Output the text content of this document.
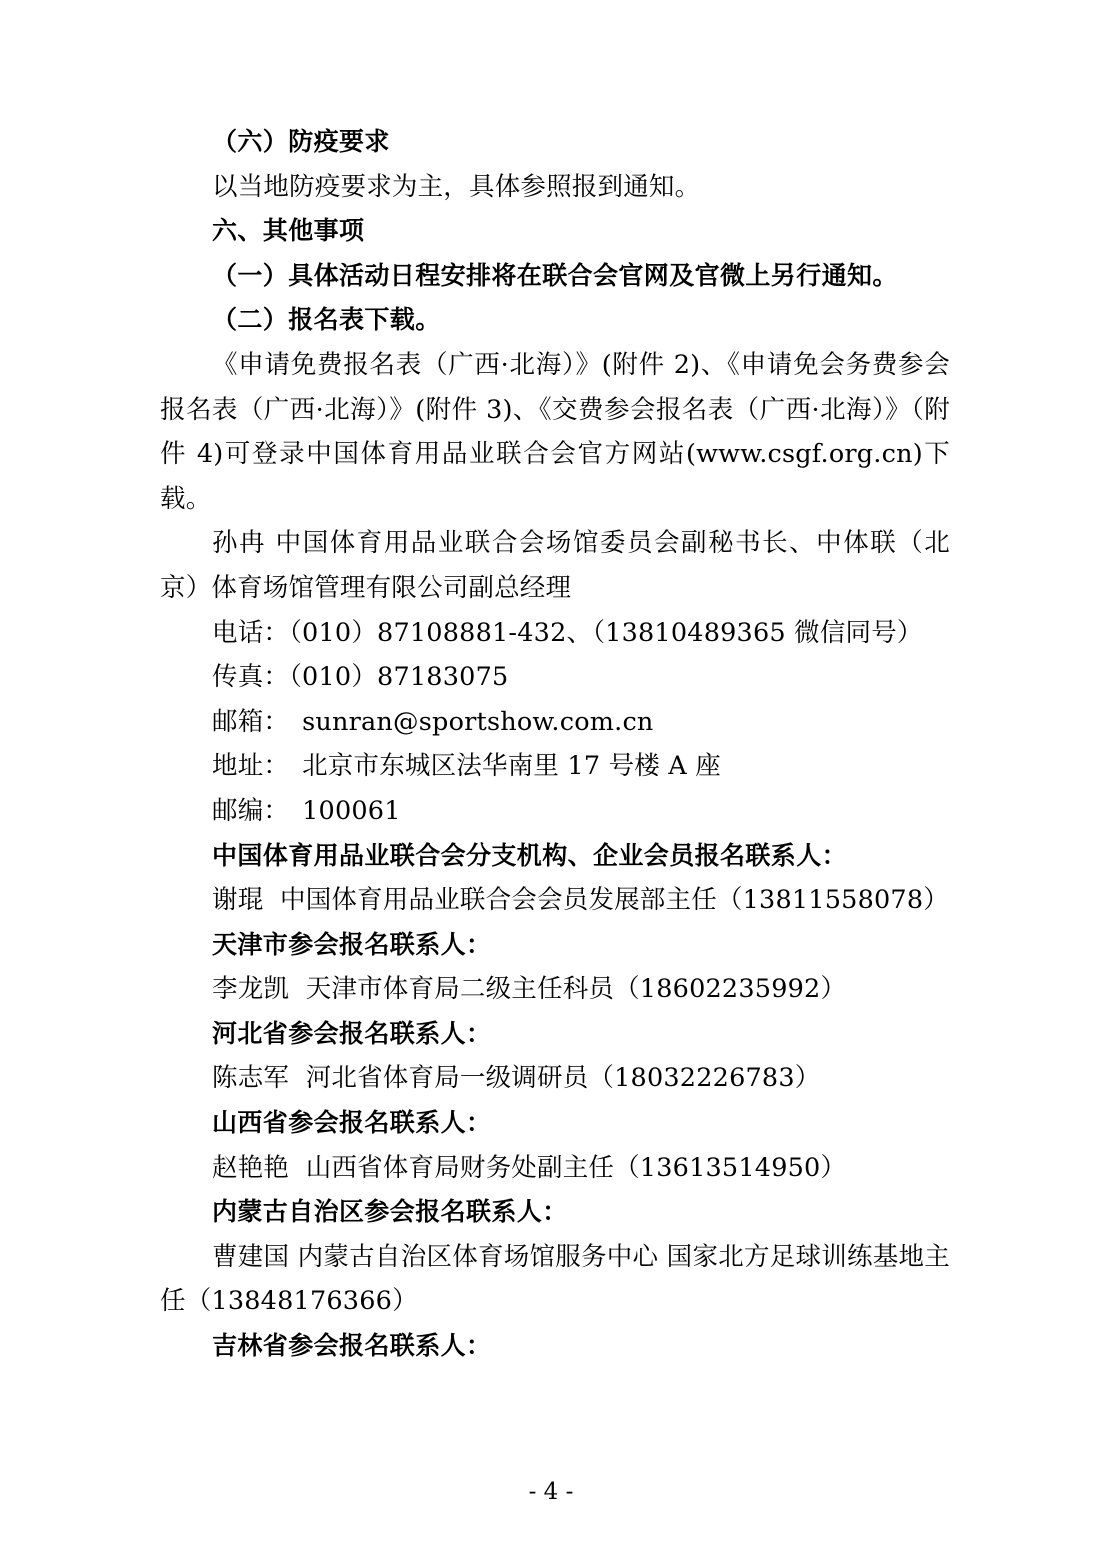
（六）防疫要求

以当地防疫要求为主，具体参照报到通知。

六、其他事项

（一）具体活动日程安排将在联合会官网及官微上另行通知。

（二）报名表下载。

《申请免费报名表（广西·北海）》(附件 2)、《申请免会务费参会报名表（广西·北海）》(附件 3)、《交费参会报名表（广西·北海）》（附件 4)可登录中国体育用品业联合会官方网站(www.csgf.org.cn)下载。

孙冉 中国体育用品业联合会场馆委员会副秘书长、中体联（北京）体育场馆管理有限公司副总经理

电话：（010）87108881-432、（13810489365 微信同号）

传真：（010）87183075

邮箱： sunran@sportshow.com.cn

地址： 北京市东城区法华南里 17 号楼 A 座

邮编： 100061

中国体育用品业联合会分支机构、企业会员报名联系人：

谢琨  中国体育用品业联合会会员发展部主任（13811558078）

天津市参会报名联系人：

李龙凯  天津市体育局二级主任科员（18602235992）

河北省参会报名联系人：

陈志军  河北省体育局一级调研员（18032226783）

山西省参会报名联系人：

赵艳艳  山西省体育局财务处副主任（13613514950）

内蒙古自治区参会报名联系人：

曹建国 内蒙古自治区体育场馆服务中心 国家北方足球训练基地主任（13848176366）

吉林省参会报名联系人：

- 4 -
